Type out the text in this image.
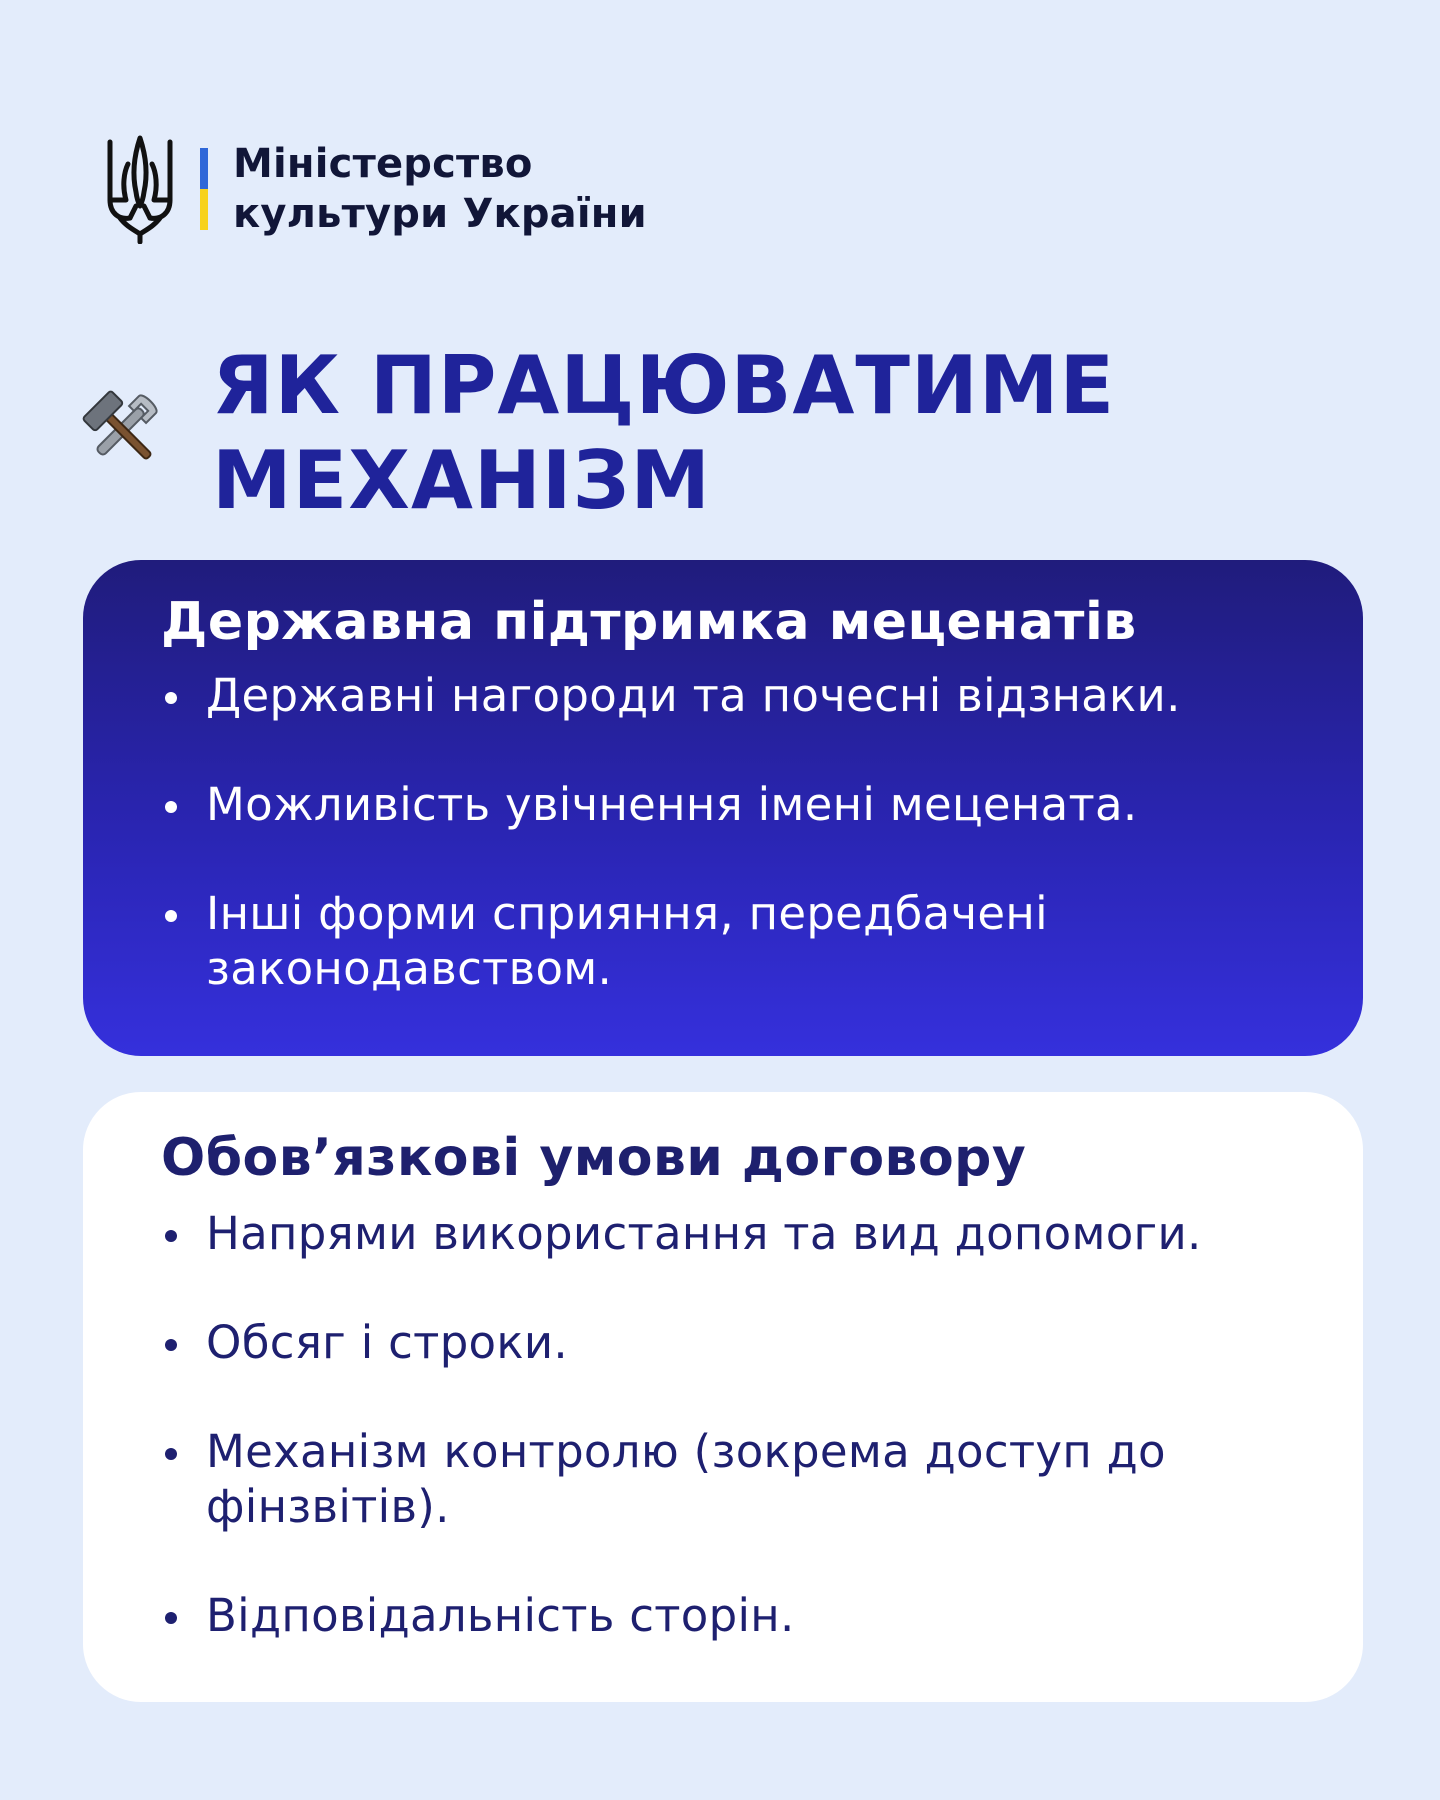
Міністерство
культури України
ЯК ПРАЦЮВАТИМЕ
МЕХАНІЗМ
Державна підтримка меценатів
Державні нагороди та почесні відзнаки.
Можливість увічнення імені мецената.
Інші форми сприяння, передбачені законодавством.
Обов’язкові умови договору
Напрями використання та вид допомоги.
Обсяг і строки.
Механізм контролю (зокрема доступ до фінзвітів).
Відповідальність сторін.
